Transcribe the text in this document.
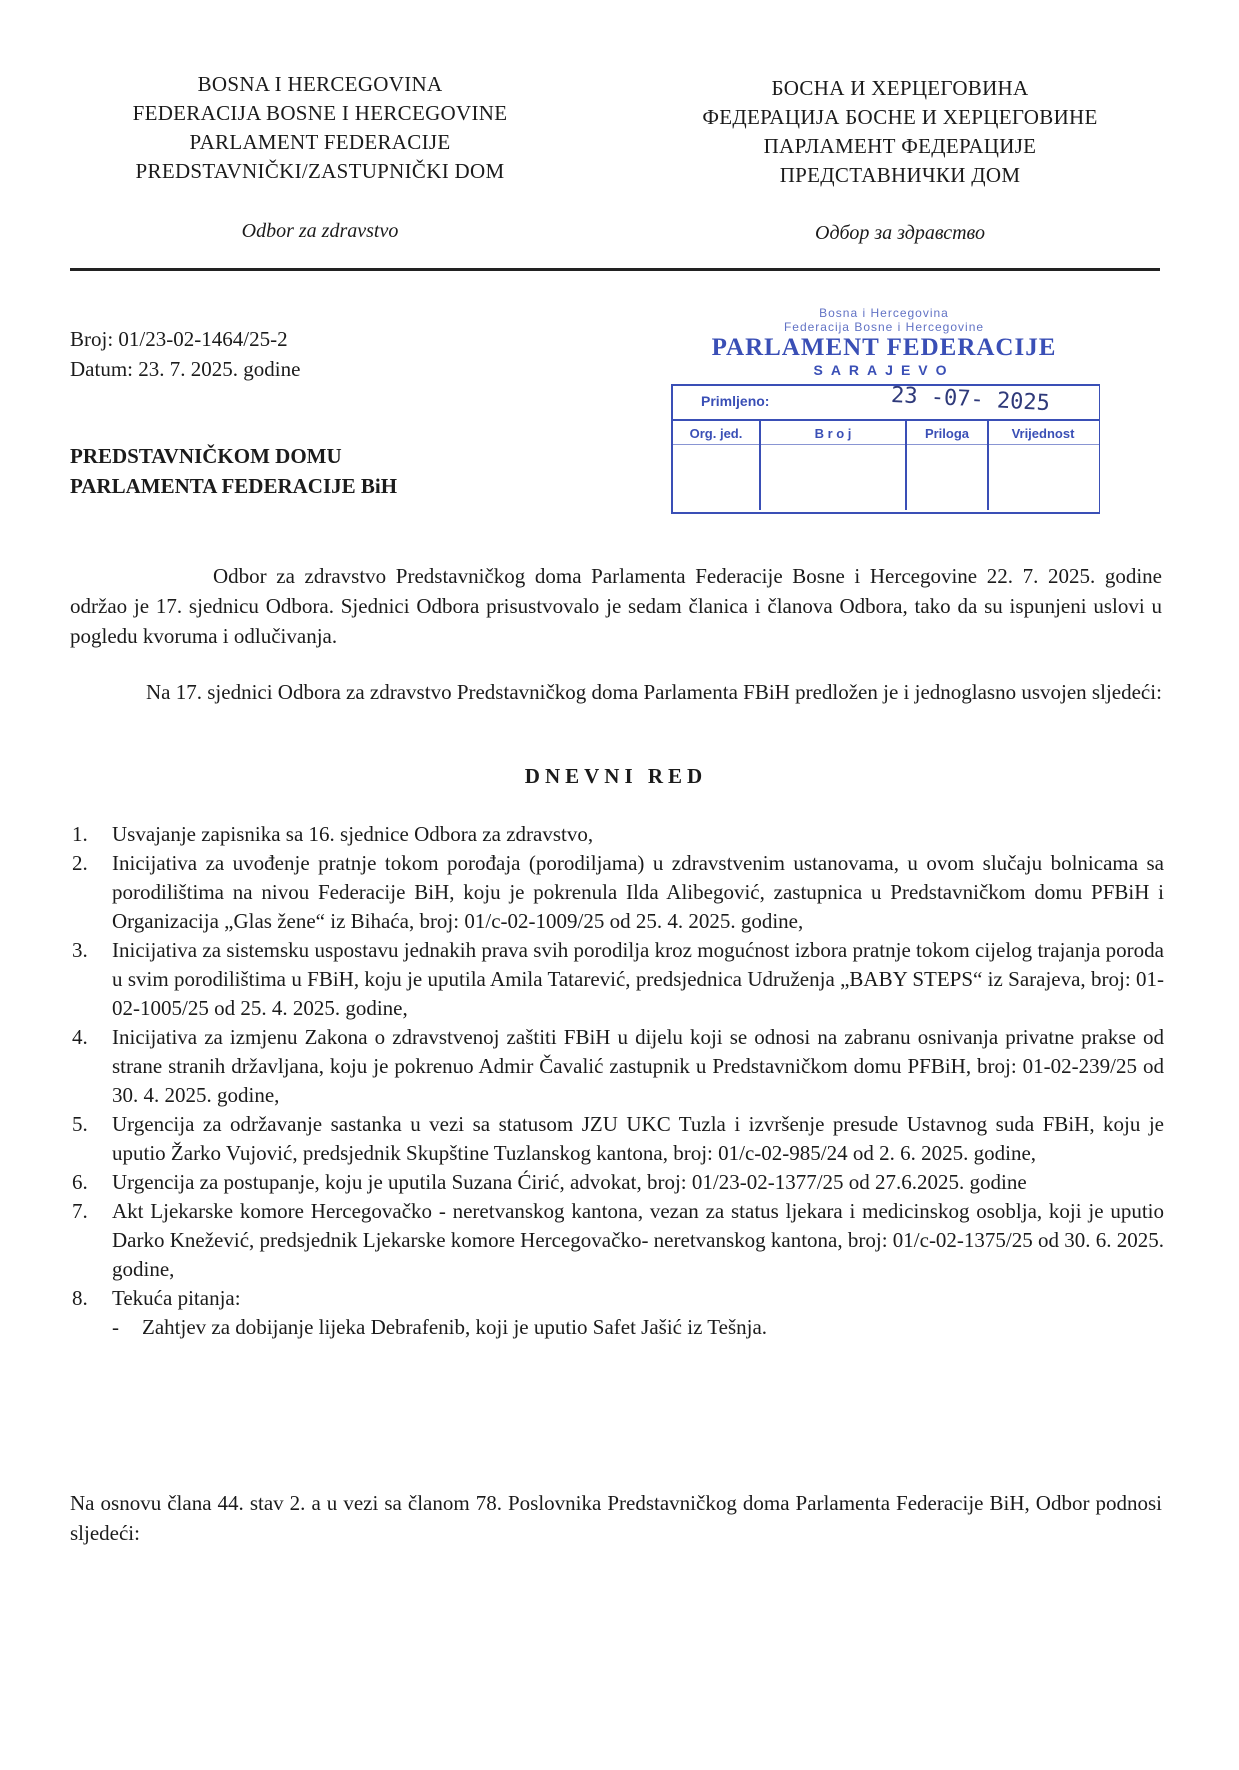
BOSNA I HERCEGOVINA
FEDERACIJA BOSNE I HERCEGOVINE
PARLAMENT FEDERACIJE
PREDSTAVNIČKI/ZASTUPNIČKI DOM
Odbor za zdravstvo
БОСНА И ХЕРЦЕГОВИНА
ФЕДЕРАЦИЈА БОСНЕ И ХЕРЦЕГОВИНЕ
ПАРЛАМЕНТ ФЕДЕРАЦИЈЕ
ПРЕДСТАВНИЧКИ ДОМ
Одбор за здравство
Broj: 01/23-02-1464/25-2
Datum: 23. 7. 2025. godine
PREDSTAVNIČKOM DOMU
PARLAMENTA FEDERACIJE BiH
Bosna i Hercegovina
Federacija Bosne i Hercegovine
PARLAMENT FEDERACIJE
SARAJEVO
Primljeno:	23 -07- 2025
Org. jed.	B r o j	Priloga	Vrijednost
Odbor za zdravstvo Predstavničkog doma Parlamenta Federacije Bosne i Hercegovine 22. 7. 2025. godine održao je 17. sjednicu Odbora. Sjednici Odbora prisustvovalo je sedam članica i članova Odbora, tako da su ispunjeni uslovi u pogledu kvoruma i odlučivanja.
Na 17. sjednici Odbora za zdravstvo Predstavničkog doma Parlamenta FBiH predložen je i jednoglasno usvojen sljedeći:
DNEVNI RED
1. Usvajanje zapisnika sa 16. sjednice Odbora za zdravstvo,
2. Inicijativa za uvođenje pratnje tokom porođaja (porodiljama) u zdravstvenim ustanovama, u ovom slučaju bolnicama sa porodilištima na nivou Federacije BiH, koju je pokrenula Ilda Alibegović, zastupnica u Predstavničkom domu PFBiH i Organizacija „Glas žene“ iz Bihaća, broj: 01/c-02-1009/25 od 25. 4. 2025. godine,
3. Inicijativa za sistemsku uspostavu jednakih prava svih porodilja kroz mogućnost izbora pratnje tokom cijelog trajanja poroda u svim porodilištima u FBiH, koju je uputila Amila Tatarević, predsjednica Udruženja „BABY STEPS“ iz Sarajeva, broj: 01-02-1005/25 od 25. 4. 2025. godine,
4. Inicijativa za izmjenu Zakona o zdravstvenoj zaštiti FBiH u dijelu koji se odnosi na zabranu osnivanja privatne prakse od strane stranih državljana, koju je pokrenuo Admir Čavalić zastupnik u Predstavničkom domu PFBiH, broj: 01-02-239/25 od 30. 4. 2025. godine,
5. Urgencija za održavanje sastanka u vezi sa statusom JZU UKC Tuzla i izvršenje presude Ustavnog suda FBiH, koju je uputio Žarko Vujović, predsjednik Skupštine Tuzlanskog kantona, broj: 01/c-02-985/24 od 2. 6. 2025. godine,
6. Urgencija za postupanje, koju je uputila Suzana Ćirić, advokat, broj: 01/23-02-1377/25 od 27.6.2025. godine
7. Akt Ljekarske komore Hercegovačko - neretvanskog kantona, vezan za status ljekara i medicinskog osoblja, koji je uputio Darko Knežević, predsjednik Ljekarske komore Hercegovačko- neretvanskog kantona, broj: 01/c-02-1375/25 od 30. 6. 2025. godine,
8. Tekuća pitanja:
- Zahtjev za dobijanje lijeka Debrafenib, koji je uputio Safet Jašić iz Tešnja.
Na osnovu člana 44. stav 2. a u vezi sa članom 78. Poslovnika Predstavničkog doma Parlamenta Federacije BiH, Odbor podnosi sljedeći:
